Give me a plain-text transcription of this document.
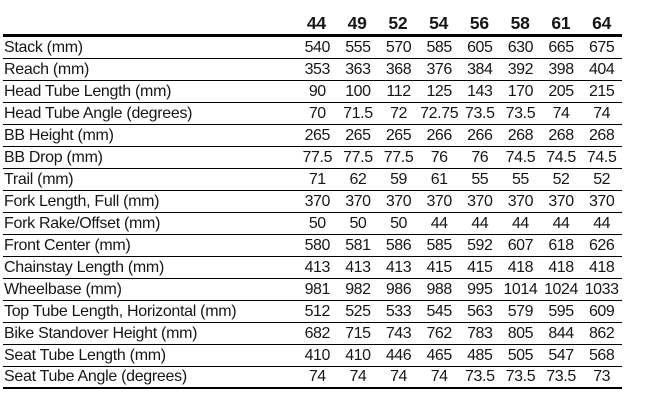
44	49	52	54	56	58	61	64
Stack (mm)	540 555 570 585 605 630 665 675
Reach (mm)	353 363 368 376 384 392 398 404
Head Tube Length (mm)	90	100 112 125 143 170 205 215
Head Tube Angle (degrees)	70	71.5	72 72.75 73.5 73.5	74	74
BB Height (mm)	265 265 265 266 266 268 268 268
BB Drop (mm)	77.5 77.5 77.5	76	76	74.5 74.5 74.5
Trail (mm)	71	62	59	61	55	55	52	52
Fork Length, Full (mm)	370 370 370 370 370 370 370 370
Fork Rake/Offset (mm)	50	50	50	44	44	44	44	44
Front Center (mm)	580 581 586 585 592 607 618 626
Chainstay Length (mm)	413 413 413 415 415 418 418 418
Wheelbase (mm)	981 982 986 988 995 1014 1024 1033
Top Tube Length, Horizontal (mm)	512 525 533 545 563 579 595 609
Bike Standover Height (mm)	682 715 743 762 783 805 844 862
Seat Tube Length (mm)	410 410 446 465 485 505 547 568
Seat Tube Angle (degrees)	74	74	74	74	73.5 73.5 73.5	73
